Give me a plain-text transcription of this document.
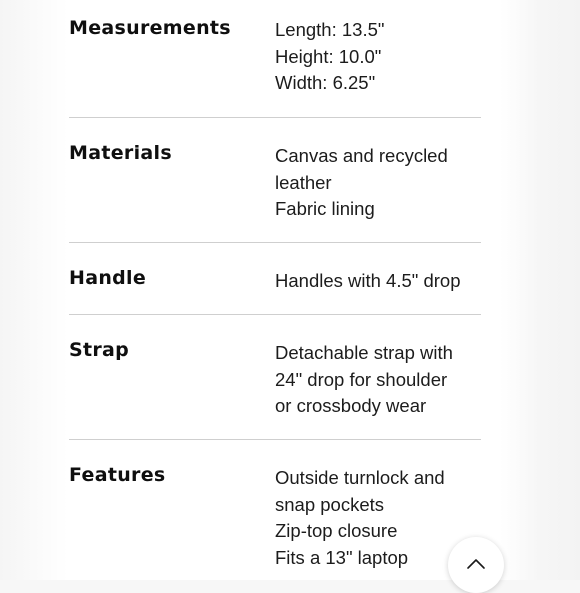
Measurements Length: 13.5"
Height: 10.0"
Width: 6.25"
Materials	Canvas and recycled
leather
Fabric lining
Handle	Handles with 4.5" drop
Strap	Detachable strap with
24" drop for shoulder
or crossbody wear
Features	Outside turnlock and
snap pockets
Zip-top closure
Fits a 13" laptop
